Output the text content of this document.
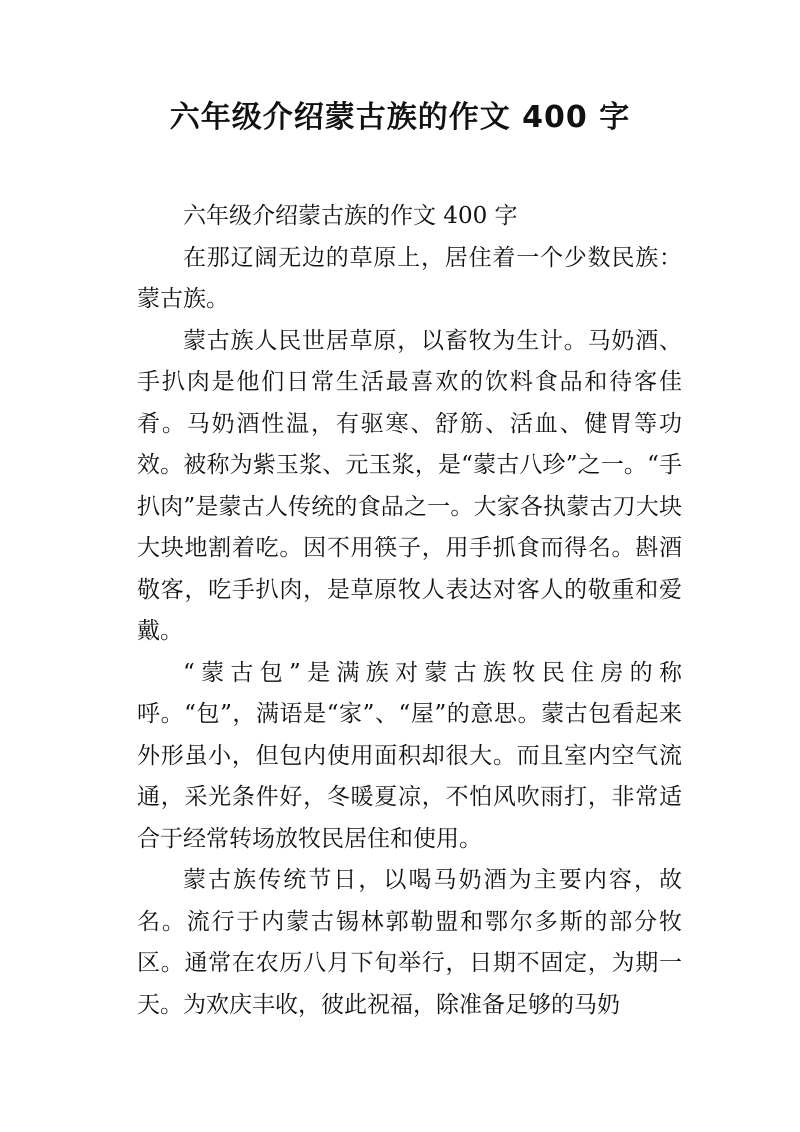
六年级介绍蒙古族的作文 400 字

六年级介绍蒙古族的作文 400 字

在那辽阔无边的草原上，居住着一个少数民族：蒙古族。

蒙古族人民世居草原，以畜牧为生计。马奶酒、手扒肉是他们日常生活最喜欢的饮料食品和待客佳肴。马奶酒性温，有驱寒、舒筋、活血、健胃等功效。被称为紫玉浆、元玉浆，是“蒙古八珍”之一。“手扒肉”是蒙古人传统的食品之一。大家各执蒙古刀大块大块地割着吃。因不用筷子，用手抓食而得名。斟酒敬客，吃手扒肉，是草原牧人表达对客人的敬重和爱戴。

“蒙古包”是满族对蒙古族牧民住房的称呼。“包”，满语是“家”、“屋”的意思。蒙古包看起来外形虽小，但包内使用面积却很大。而且室内空气流通，采光条件好，冬暖夏凉，不怕风吹雨打，非常适合于经常转场放牧民居住和使用。

蒙古族传统节日，以喝马奶酒为主要内容，故名。流行于内蒙古锡林郭勒盟和鄂尔多斯的部分牧区。通常在农历八月下旬举行，日期不固定，为期一天。为欢庆丰收，彼此祝福，除准备足够的马奶
